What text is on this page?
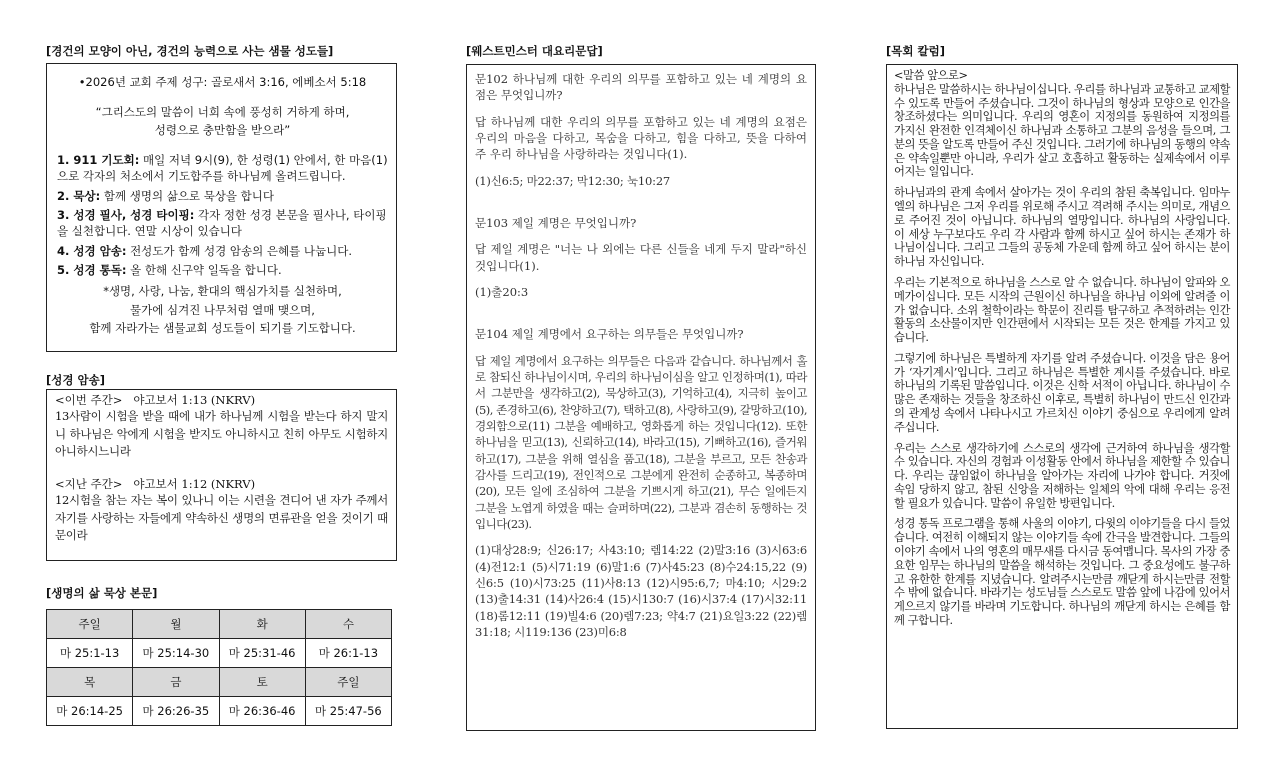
[경건의 모양이 아닌, 경건의 능력으로 사는 샘물 성도들]
•2026년 교회 주제 성구: 골로새서 3:16, 에베소서 5:18
“그리스도의 말씀이 너희 속에 풍성히 거하게 하며,
성령으로 충만함을 받으라”
1. 911 기도회: 매일 저녁 9시(9), 한 성령(1) 안에서, 한 마음(1) 으로 각자의 처소에서 기도합주를 하나님께 올려드립니다.
2. 묵상: 함께 생명의 삶으로 묵상을 합니다
3. 성경 필사, 성경 타이핑: 각자 정한 성경 본문을 필사나, 타이핑을 실천합니다. 연말 시상이 있습니다
4. 성경 암송: 전성도가 함께 성경 암송의 은혜를 나눕니다.
5. 성경 통독: 올 한해 신구약 일독을 합니다.
*생명, 사랑, 나눔, 환대의 핵심가치를 실천하며,
물가에 심겨진 나무처럼 열매 맺으며,
함께 자라가는 샘물교회 성도들이 되기를 기도합니다.
[성경 암송]
<이번 주간> 야고보서 1:13 (NKRV)
13사람이 시험을 받을 때에 내가 하나님께 시험을 받는다 하지 말지니 하나님은 악에게 시험을 받지도 아니하시고 친히 아무도 시험하지 아니하시느니라
<지난 주간> 야고보서 1:12 (NKRV)
12시험을 참는 자는 복이 있나니 이는 시련을 견디어 낸 자가 주께서 자기를 사랑하는 자들에게 약속하신 생명의 면류관을 얻을 것이기 때문이라
[생명의 삶 묵상 본문]
주일	월	화	수
마 25:1-13	마 25:14-30	마 25:31-46	마 26:1-13
목	금	토	주일
마 26:14-25	마 26:26-35	마 26:36-46	마 25:47-56
[웨스트민스터 대요리문답]

문102 하나님께 대한 우리의 의무를 포함하고 있는 네 계명의 요점은 무엇입니까?

답 하나님께 대한 우리의 의무를 포함하고 있는 네 계명의 요점은 우리의 마음을 다하고, 목숨을 다하고, 힘을 다하고, 뜻을 다하여 주 우리 하나님을 사랑하라는 것입니다(1).

(1)신6:5; 마22:37; 막12:30; 눅10:27

문103 제일 계명은 무엇입니까?

답 제일 계명은 "너는 나 외에는 다른 신들을 네게 두지 말라"하신 것입니다(1).

(1)출20:3

문104 제일 계명에서 요구하는 의무들은 무엇입니까?

답 제일 계명에서 요구하는 의무들은 다음과 같습니다. 하나님께서 홀로 참되신 하나님이시며, 우리의 하나님이심을 알고 인정하며(1), 따라서 그분만을 생각하고(2), 묵상하고(3), 기억하고(4), 지극히 높이고(5), 존경하고(6), 찬양하고(7), 택하고(8), 사랑하고(9), 갈망하고(10), 경외함으로(11) 그분을 예배하고, 영화롭게 하는 것입니다(12). 또한 하나님을 믿고(13), 신뢰하고(14), 바라고(15), 기뻐하고(16), 즐거워하고(17), 그분을 위해 열심을 품고(18), 그분을 부르고, 모든 찬송과 감사를 드리고(19), 전인적으로 그분에게 완전히 순종하고, 복종하며(20), 모든 일에 조심하여 그분을 기쁘시게 하고(21), 무슨 일에든지 그분을 노엽게 하였을 때는 슬퍼하며(22), 그분과 겸손히 동행하는 것입니다(23).

(1)대상28:9; 신26:17; 사43:10; 렘14:22 (2)말3:16 (3)시63:6 (4)전12:1 (5)시71:19 (6)말1:6 (7)사45:23 (8)수24:15,22 (9)신6:5 (10)시73:25 (11)사8:13 (12)시95:6,7; 마4:10; 시29:2 (13)출14:31 (14)사26:4 (15)시130:7 (16)시37:4 (17)시32:11 (18)롬12:11 (19)빌4:6 (20)렘7:23; 약4:7 (21)요일3:22 (22)렘31:18; 시119:136 (23)미6:8

[목회 칼럼]
<말씀 앞으로>

하나님은 말씀하시는 하나님이십니다. 우리를 하나님과 교통하고 교제할 수 있도록 만들어 주셨습니다. 그것이 하나님의 형상과 모양으로 인간을 창조하셨다는 의미입니다. 우리의 영혼이 지정의를 동원하여 지정의를 가지신 완전한 인격체이신 하나님과 소통하고 그분의 음성을 들으며, 그분의 뜻을 알도록 만들어 주신 것입니다. 그러기에 하나님의 동행의 약속은 약속일뿐만 아니라, 우리가 살고 호흡하고 활동하는 실제속에서 이루어지는 일입니다.

하나님과의 관계 속에서 살아가는 것이 우리의 참된 축복입니다. 임마누엘의 하나님은 그저 우리를 위로해 주시고 격려해 주시는 의미로, 개념으로 주어진 것이 아닙니다. 하나님의 열망입니다. 하나님의 사랑입니다. 이 세상 누구보다도 우리 각 사람과 함께 하시고 싶어 하시는 존재가 하나님이십니다. 그리고 그들의 공동체 가운데 함께 하고 싶어 하시는 분이 하나님 자신입니다.

우리는 기본적으로 하나님을 스스로 알 수 없습니다. 하나님이 알파와 오메가이십니다. 모든 시작의 근원이신 하나님을 하나님 이외에 알려줄 이가 없습니다. 소위 철학이라는 학문이 진리를 탐구하고 추적하려는 인간 활동의 소산물이지만 인간편에서 시작되는 모든 것은 한계를 가지고 있습니다.

그렇기에 하나님은 특별하게 자기를 알려 주셨습니다. 이것을 담은 용어가 ‘자기계시’입니다. 그리고 하나님은 특별한 계시를 주셨습니다. 바로 하나님의 기록된 말씀입니다. 이것은 신학 서적이 아닙니다. 하나님이 수 많은 존재하는 것들을 창조하신 이후로, 특별히 하나님이 만드신 인간과의 관계성 속에서 나타나시고 가르치신 이야기 중심으로 우리에게 알려 주십니다.

우리는 스스로 생각하기에 스스로의 생각에 근거하여 하나님을 생각할 수 있습니다. 자신의 경험과 이성활동 안에서 하나님을 제한할 수 있습니다. 우리는 끊임없이 하나님을 알아가는 자리에 나가야 합니다. 거짓에 속임 당하지 않고, 참된 신앙을 저해하는 일체의 악에 대해 우리는 응전할 필요가 있습니다. 말씀이 유일한 방편입니다.

성경 통독 프로그램을 통해 사울의 이야기, 다윗의 이야기들을 다시 들었습니다. 여전히 이해되지 않는 이야기들 속에 간극을 발견합니다. 그들의 이야기 속에서 나의 영혼의 매무새를 다시금 동여맵니다. 목사의 가장 중요한 임무는 하나님의 말씀을 해석하는 것입니다. 그 중요성에도 불구하고 유한한 한계를 지녔습니다. 알려주시는만큼 깨닫게 하시는만큼 전할 수 밖에 없습니다. 바라기는 성도님들 스스로도 말씀 앞에 나감에 있어서 게으르지 않기를 바라며 기도합니다. 하나님의 깨닫게 하시는 은혜를 함께 구합니다.
